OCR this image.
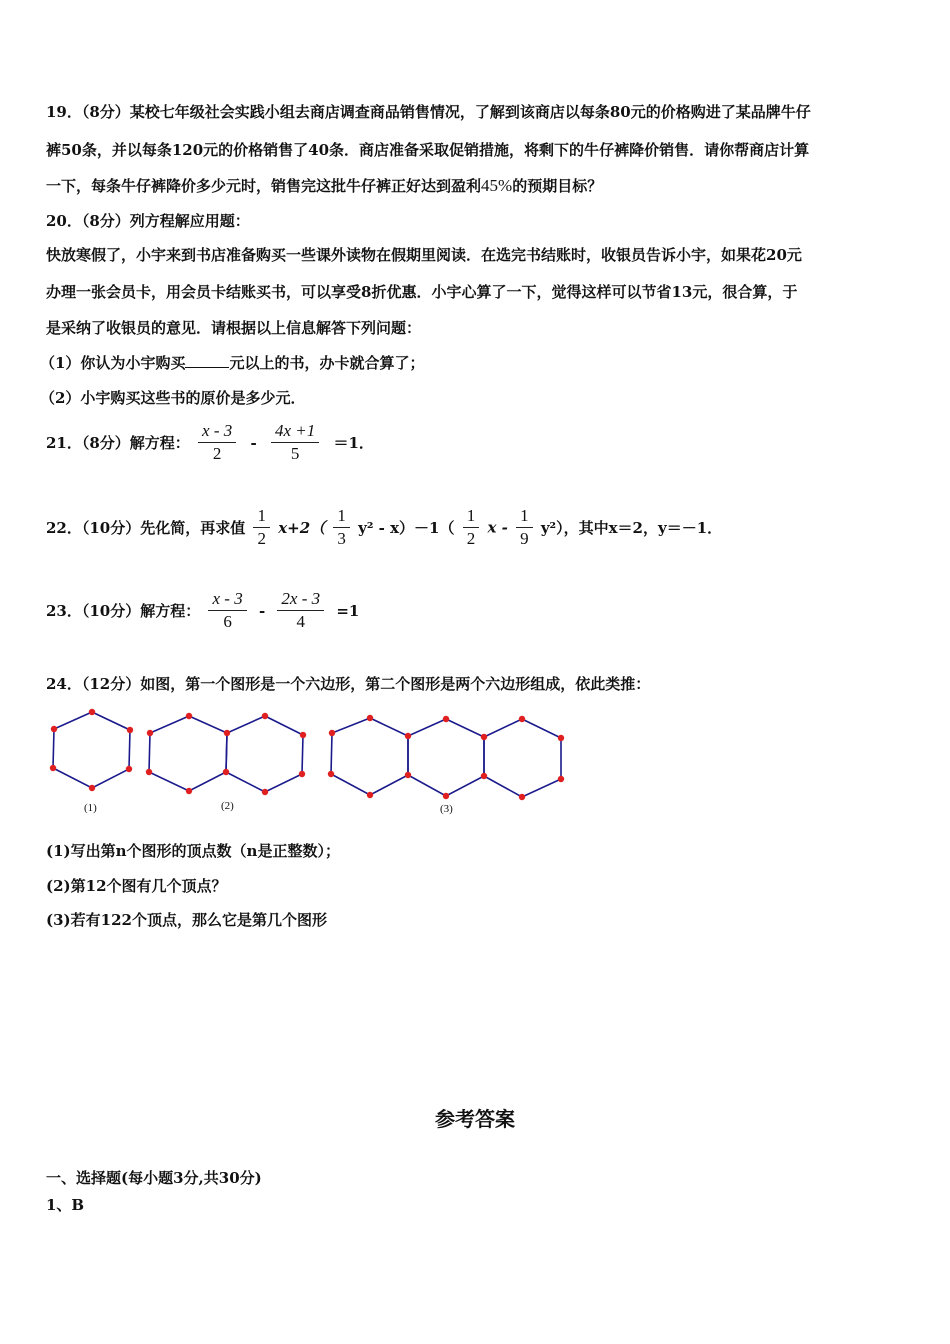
19．（8分）某校七年级社会实践小组去商店调查商品销售情况，了解到该商店以每条80元的价格购进了某品牌牛仔
裤50条，并以每条120元的价格销售了40条．商店准备采取促销措施，将剩下的牛仔裤降价销售．请你帮商店计算
一下，每条牛仔裤降价多少元时，销售完这批牛仔裤正好达到盈利45%的预期目标？
20．（8分）列方程解应用题：
快放寒假了，小宇来到书店准备购买一些课外读物在假期里阅读．在选完书结账时，收银员告诉小宇，如果花20元
办理一张会员卡，用会员卡结账买书，可以享受8折优惠．小宇心算了一下，觉得这样可以节省13元，很合算，于
是采纳了收银员的意见．请根据以上信息解答下列问题：
（1）你认为小宇购买	元以上的书，办卡就合算了；
（2）小宇购买这些书的原价是多少元．
21．（8分）解方程： $\frac{x - 3}{2} - \frac{4x +1}{5} =1$．
22．（10分）先化简，再求值 $\frac{1}{2} x+2( \frac{1}{3} y^2 - x)-1( \frac{1}{2}$ x - $\frac{1}{9} y^2$），其中x＝2，y＝－1．
23．（10分）解方程： $\frac{x - 3}{6} - \frac{2x - 3}{4} =1$
24．（12分）如图，第一个图形是一个六边形，第二个图形是两个六边形组成，依此类推：
(1)	(2)	(3)
(1)写出第n个图形的顶点数（n是正整数）；
(2)第12个图有几个顶点？
(3)若有122个顶点，那么它是第几个图形
参考答案
一、选择题(每小题3分,共30分)
1、B
